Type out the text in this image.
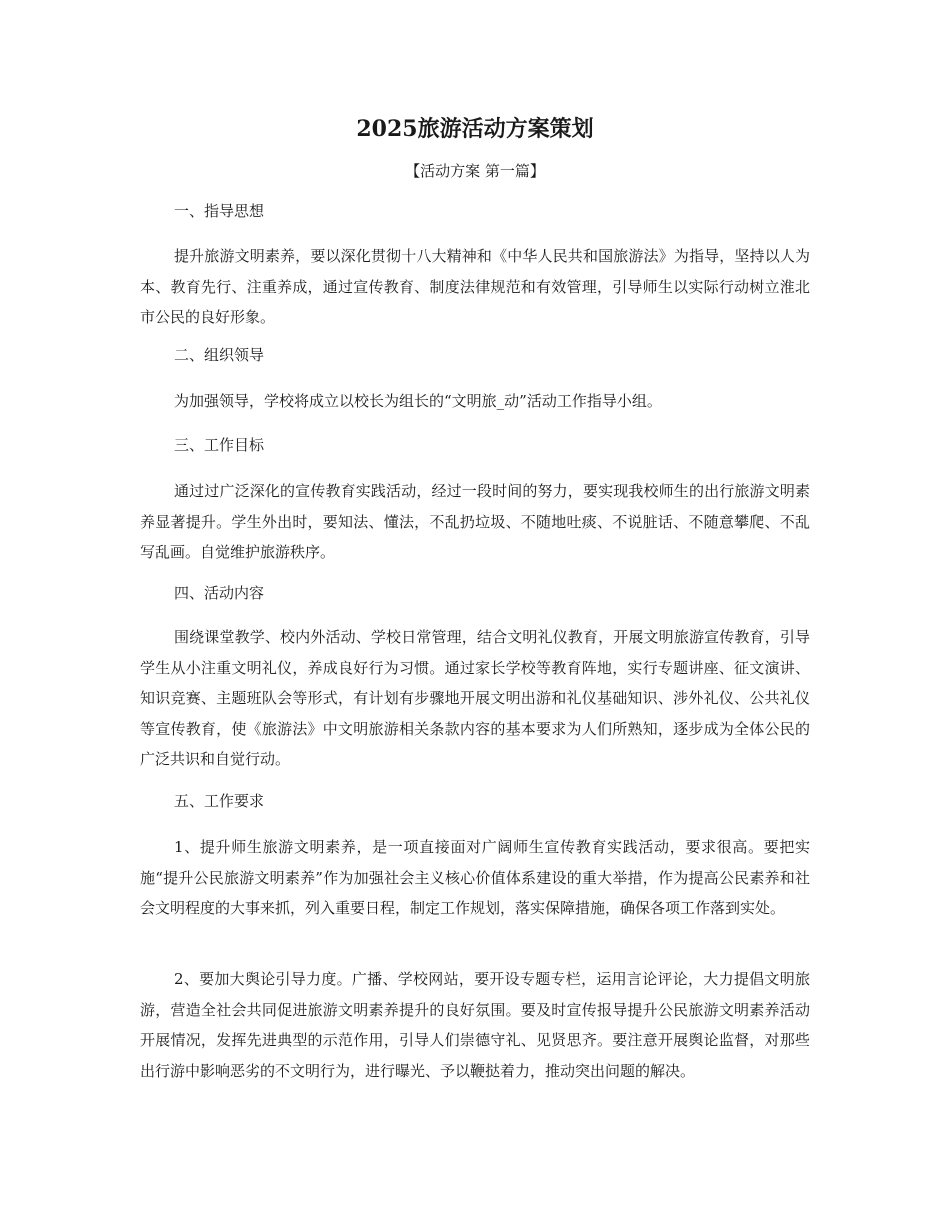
2025旅游活动方案策划

【活动方案 第一篇】

一、指导思想

提升旅游文明素养，要以深化贯彻十八大精神和《中华人民共和国旅游法》为指导，坚持以人为本、教育先行、注重养成，通过宣传教育、制度法律规范和有效管理，引导师生以实际行动树立淮北市公民的良好形象。

二、组织领导

为加强领导，学校将成立以校长为组长的“文明旅_动”活动工作指导小组。

三、工作目标

通过过广泛深化的宣传教育实践活动，经过一段时间的努力，要实现我校师生的出行旅游文明素养显著提升。学生外出时，要知法、懂法，不乱扔垃圾、不随地吐痰、不说脏话、不随意攀爬、不乱写乱画。自觉维护旅游秩序。

四、活动内容

围绕课堂教学、校内外活动、学校日常管理，结合文明礼仪教育，开展文明旅游宣传教育，引导学生从小注重文明礼仪，养成良好行为习惯。通过家长学校等教育阵地，实行专题讲座、征文演讲、知识竞赛、主题班队会等形式，有计划有步骤地开展文明出游和礼仪基础知识、涉外礼仪、公共礼仪等宣传教育，使《旅游法》中文明旅游相关条款内容的基本要求为人们所熟知，逐步成为全体公民的广泛共识和自觉行动。

五、工作要求

1、提升师生旅游文明素养，是一项直接面对广阔师生宣传教育实践活动，要求很高。要把实施“提升公民旅游文明素养”作为加强社会主义核心价值体系建设的重大举措，作为提高公民素养和社会文明程度的大事来抓，列入重要日程，制定工作规划，落实保障措施，确保各项工作落到实处。

2、要加大舆论引导力度。广播、学校网站，要开设专题专栏，运用言论评论，大力提倡文明旅游，营造全社会共同促进旅游文明素养提升的良好氛围。要及时宣传报导提升公民旅游文明素养活动开展情况，发挥先进典型的示范作用，引导人们崇德守礼、见贤思齐。要注意开展舆论监督，对那些出行游中影响恶劣的不文明行为，进行曝光、予以鞭挞着力，推动突出问题的解决。
